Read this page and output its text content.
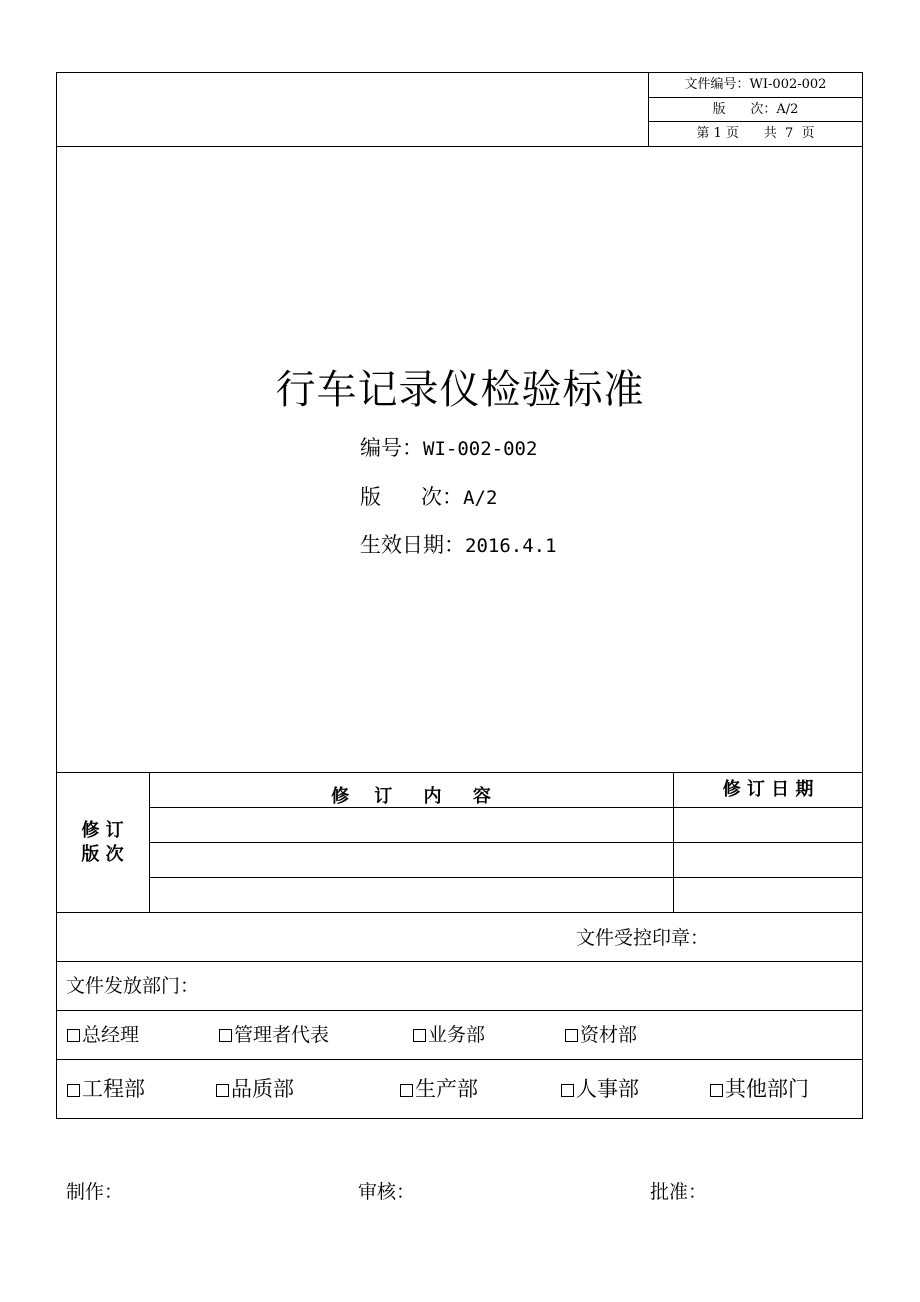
文件编号：WI-002-002
版      次：A/2
第 1 页      共  7  页
行车记录仪检验标准
编号：WI-002-002
版      次：A/2
生效日期：2016.4.1
修 订
版 次
修    订     内     容	修 订 日 期
文件受控印章：
文件发放部门：
总经理	管理者代表	业务部	资材部
工程部	品质部	生产部	人事部	其他部门
制作：	审核：	批准：
